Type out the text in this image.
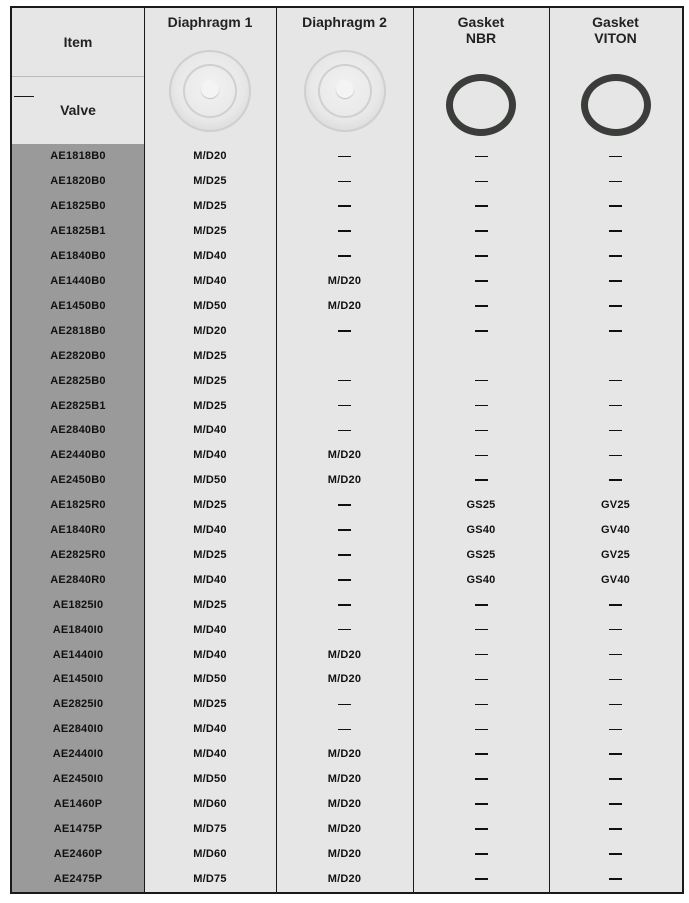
Item
Valve
AE1818B0
AE1820B0
AE1825B0
AE1825B1
AE1840B0
AE1440B0
AE1450B0
AE2818B0
AE2820B0
AE2825B0
AE2825B1
AE2840B0
AE2440B0
AE2450B0
AE1825R0
AE1840R0
AE2825R0
AE2840R0
AE1825I0
AE1840I0
AE1440I0
AE1450I0
AE2825I0
AE2840I0
AE2440I0
AE2450I0
AE1460P
AE1475P
AE2460P
AE2475P
Diaphragm 1
M/D20
M/D25
M/D25
M/D25
M/D40
M/D40
M/D50
M/D20
M/D25
M/D25
M/D25
M/D40
M/D40
M/D50
M/D25
M/D40
M/D25
M/D40
M/D25
M/D40
M/D40
M/D50
M/D25
M/D40
M/D40
M/D50
M/D60
M/D75
M/D60
M/D75
Diaphragm 2
M/D20
M/D20
M/D20
M/D20
M/D20
M/D20
M/D20
M/D20
M/D20
M/D20
M/D20
M/D20
Gasket
NBR
GS25
GS40
GS25
GS40
Gasket
VITON
GV25
GV40
GV25
GV40
